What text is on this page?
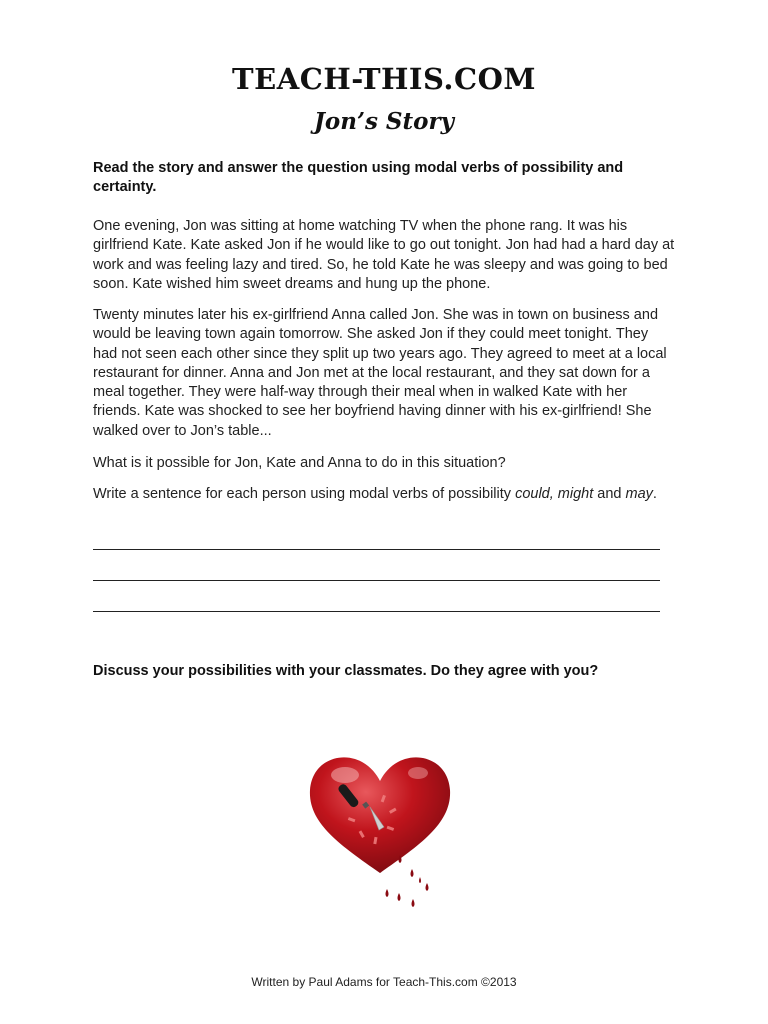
TEACH-THIS.COM
Jon’s Story
Read the story and answer the question using modal verbs of possibility and certainty.
One evening, Jon was sitting at home watching TV when the phone rang. It was his girlfriend Kate. Kate asked Jon if he would like to go out tonight. Jon had had a hard day at work and was feeling lazy and tired. So, he told Kate he was sleepy and was going to bed soon. Kate wished him sweet dreams and hung up the phone.
Twenty minutes later his ex-girlfriend Anna called Jon. She was in town on business and would be leaving town again tomorrow. She asked Jon if they could meet tonight. They had not seen each other since they split up two years ago. They agreed to meet at a local restaurant for dinner. Anna and Jon met at the local restaurant, and they sat down for a meal together. They were half-way through their meal when in walked Kate with her friends. Kate was shocked to see her boyfriend having dinner with his ex-girlfriend! She walked over to Jon’s table...
What is it possible for Jon, Kate and Anna to do in this situation?
Write a sentence for each person using modal verbs of possibility could, might and may.
Discuss your possibilities with your classmates. Do they agree with you?
Written by Paul Adams for Teach-This.com ©2013
